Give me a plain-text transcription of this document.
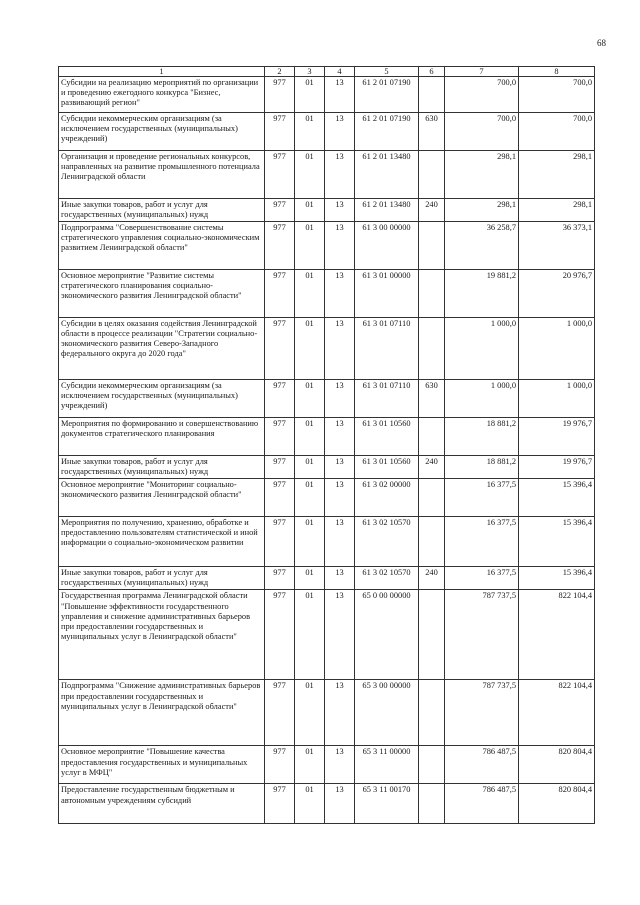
68
1	2	3	4	5	6	7	8
Субсидии на реализацию мероприятий по организации и проведению ежегодного конкурса "Бизнес, развивающий регион"	977	01	13	61 2 01 07190		700,0	700,0
Субсидии некоммерческим организациям (за исключением государственных (муниципальных) учреждений)	977	01	13	61 2 01 07190	630	700,0	700,0
Организация и проведение региональных конкурсов, направленных на развитие промышленного потенциала Ленинградской области	977	01	13	61 2 01 13480		298,1	298,1
Иные закупки товаров, работ и услуг для государственных (муниципальных) нужд	977	01	13	61 2 01 13480	240	298,1	298,1
Подпрограмма "Совершенствование системы стратегического управления социально-экономическим развитием Ленинградской области"	977	01	13	61 3 00 00000		36 258,7	36 373,1
Основное мероприятие "Развитие системы стратегического планирования социально-экономического развития Ленинградской области"	977	01	13	61 3 01 00000		19 881,2	20 976,7
Субсидии в целях оказания содействия Ленинградской области в процессе реализации "Стратегии социально-экономического развития Северо-Западного федерального округа до 2020 года"	977	01	13	61 3 01 07110		1 000,0	1 000,0
Субсидии некоммерческим организациям (за исключением государственных (муниципальных) учреждений)	977	01	13	61 3 01 07110	630	1 000,0	1 000,0
Мероприятия по формированию и совершенствованию документов стратегического планирования	977	01	13	61 3 01 10560		18 881,2	19 976,7
Иные закупки товаров, работ и услуг для государственных (муниципальных) нужд	977	01	13	61 3 01 10560	240	18 881,2	19 976,7
Основное мероприятие "Мониторинг социально-экономического развития Ленинградской области"	977	01	13	61 3 02 00000		16 377,5	15 396,4
Мероприятия по получению, хранению, обработке и предоставлению пользователям статистической и иной информации о социально-экономическом развитии	977	01	13	61 3 02 10570		16 377,5	15 396,4
Иные закупки товаров, работ и услуг для государственных (муниципальных) нужд	977	01	13	61 3 02 10570	240	16 377,5	15 396,4
Государственная программа Ленинградской области "Повышение эффективности государственного управления и снижение административных барьеров при предоставлении государственных и муниципальных услуг в Ленинградской области"	977	01	13	65 0 00 00000		787 737,5	822 104,4
Подпрограмма "Снижение административных барьеров при предоставлении государственных и муниципальных услуг в Ленинградской области"	977	01	13	65 3 00 00000		787 737,5	822 104,4
Основное мероприятие "Повышение качества предоставления государственных и муниципальных услуг в МФЦ"	977	01	13	65 3 11 00000		786 487,5	820 804,4
Предоставление государственным бюджетным и автономным учреждениям субсидий	977	01	13	65 3 11 00170		786 487,5	820 804,4
